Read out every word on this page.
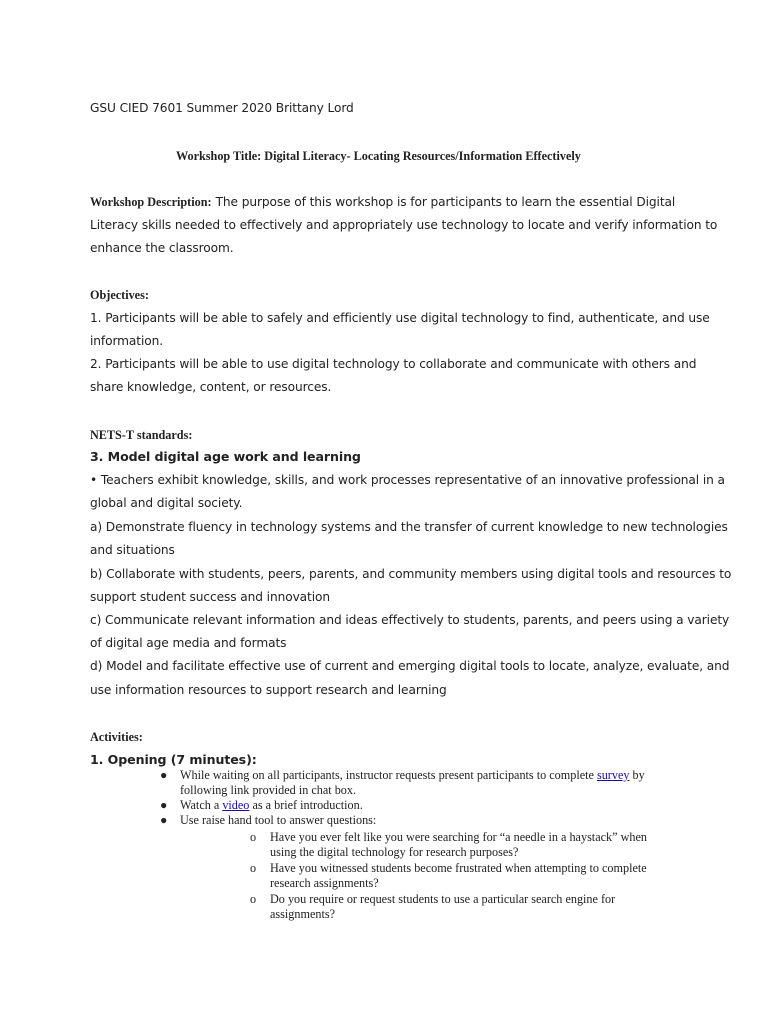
GSU CIED 7601 Summer 2020 Brittany Lord
Workshop Title: Digital Literacy- Locating Resources/Information Effectively
Workshop Description: The purpose of this workshop is for participants to learn the essential Digital
Literacy skills needed to effectively and appropriately use technology to locate and verify information to
enhance the classroom.
Objectives:
1. Participants will be able to safely and efficiently use digital technology to find, authenticate, and use
information.
2. Participants will be able to use digital technology to collaborate and communicate with others and
share knowledge, content, or resources.
NETS-T standards:
3. Model digital age work and learning
• Teachers exhibit knowledge, skills, and work processes representative of an innovative professional in a
global and digital society.
a) Demonstrate fluency in technology systems and the transfer of current knowledge to new technologies
and situations
b) Collaborate with students, peers, parents, and community members using digital tools and resources to
support student success and innovation
c) Communicate relevant information and ideas effectively to students, parents, and peers using a variety
of digital age media and formats
d) Model and facilitate effective use of current and emerging digital tools to locate, analyze, evaluate, and
use information resources to support research and learning
Activities:
1. Opening (7 minutes):
● While waiting on all participants, instructor requests present participants to complete survey by
following link provided in chat box.
● Watch a video as a brief introduction.
● Use raise hand tool to answer questions:
o Have you ever felt like you were searching for “a needle in a haystack” when
using the digital technology for research purposes?
o Have you witnessed students become frustrated when attempting to complete
research assignments?
o Do you require or request students to use a particular search engine for
assignments?
